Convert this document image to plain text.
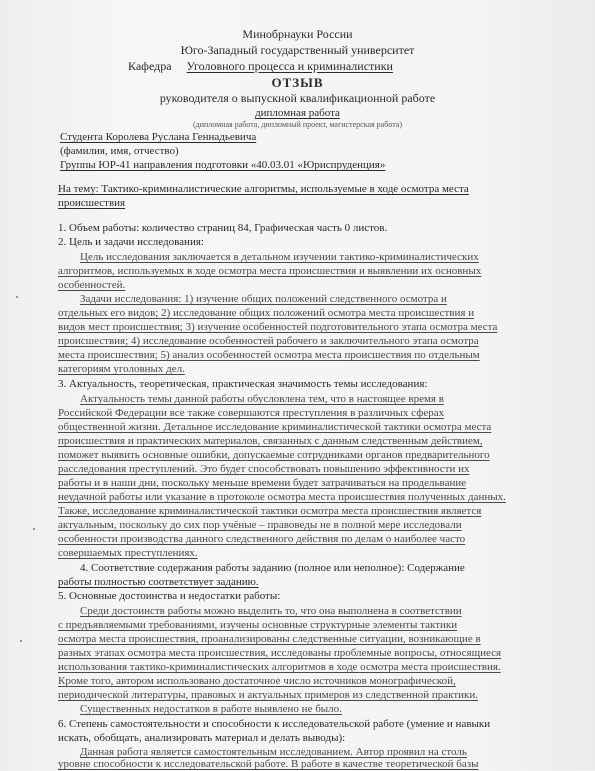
Минобрнауки России
Юго-Западный государственный университет
Кафедра Уголовного процесса и криминалистики
ОТЗЫВ
руководителя о выпускной квалификационной работе
дипломная работа
(дипломная работа, дипломный проект, магистерская работа)
Студента Королева Руслана Геннадьевича
(фамилия, имя, отчество)
Группы ЮР-41 направления подготовки «40.03.01 «Юриспруденция»
На тему: Тактико-криминалистические алгоритмы, используемые в ходе осмотра места
происшествия
1. Объем работы: количество страниц 84, Графическая часть 0 листов.
2. Цель и задачи исследования:
Цель исследования заключается в детальном изучении тактико-криминалистических
алгоритмов, используемых в ходе осмотра места происшествия и выявлении их основных
особенностей.
Задачи исследования: 1) изучение общих положений следственного осмотра и
отдельных его видов; 2) исследование общих положений осмотра места происшествия и
видов мест происшествия; 3) изучение особенностей подготовительного этапа осмотра места
происшествия; 4) исследование особенностей рабочего и заключительного этапа осмотра
места происшествия; 5) анализ особенностей осмотра места происшествия по отдельным
категориям уголовных дел.
3. Актуальность, теоретическая, практическая значимость темы исследования:
Актуальность темы данной работы обусловлена тем, что в настоящее время в
Российской Федерации все также совершаются преступления в различных сферах
общественной жизни. Детальное исследование криминалистической тактики осмотра места
происшествия и практических материалов, связанных с данным следственным действием,
поможет выявить основные ошибки, допускаемые сотрудниками органов предварительного
расследования преступлений. Это будет способствовать повышению эффективности их
работы и в наши дни, поскольку меньше времени будет затрачиваться на продельвание
неудачной работы или указание в протоколе осмотра места происшествия полученных данных.
Также, исследование криминалистической тактики осмотра места происшествия является
актуальным, поскольку до сих пор учёные – правоведы не в полной мере исследовали
особенности производства данного следственного действия по делам о наиболее часто
совершаемых преступлениях.
4. Соответствие содержания работы заданию (полное или неполное): Содержание
работы полностью соответствует заданию.
5. Основные достоинства и недостатки работы:
Среди достоинств работы можно выделить то, что она выполнена в соответствии
с предъявляемыми требованиями, изучены основные структурные элементы тактики
осмотра места происшествия, проанализированы следственные ситуации, возникающие в
разных этапах осмотра места происшествия, исследованы проблемные вопросы, относящиеся
использования тактико-криминалистических алгоритмов в ходе осмотра места происшествия.
Кроме того, автором использовано достаточное число источников монографической,
периодической литературы, правовых и актуальных примеров из следственной практики.
Существенных недостатков в работе выявлено не было.
6. Степень самостоятельности и способности к исследовательской работе (умение и навыки
искать, обобщать, анализировать материал и делать выводы):
Данная работа является самостоятельным исследованием. Автор проявил на столь
уровне способности к исследовательской работе. В работе в качестве теоретической базы
